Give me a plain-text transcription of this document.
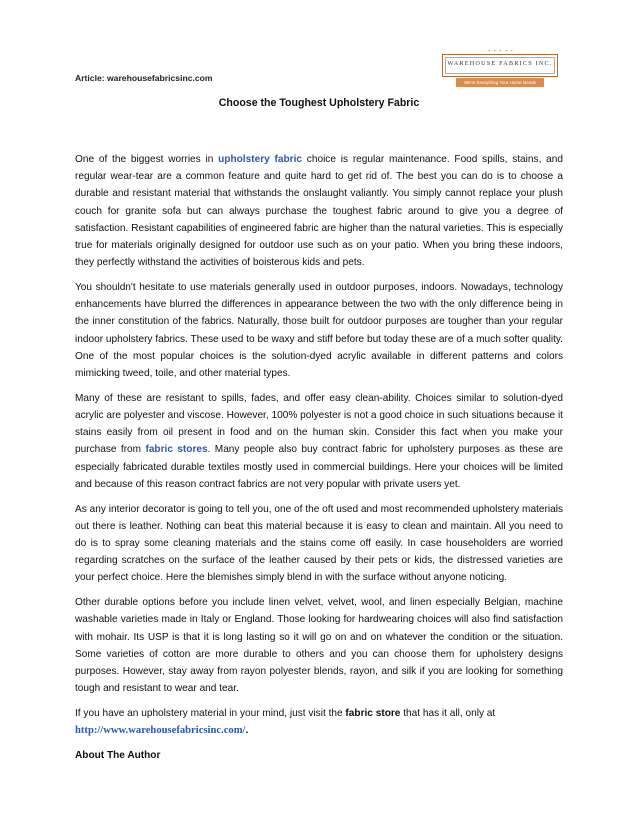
Article: warehousefabricsinc.com
• • • • •
WAREHOUSE FABRICS INC.
We're Everything Your Home Needs
Choose the Toughest Upholstery Fabric

One of the biggest worries in upholstery fabric choice is regular maintenance. Food spills, stains, and regular wear-tear are a common feature and quite hard to get rid of. The best you can do is to choose a durable and resistant material that withstands the onslaught valiantly. You simply cannot replace your plush couch for granite sofa but can always purchase the toughest fabric around to give you a degree of satisfaction. Resistant capabilities of engineered fabric are higher than the natural varieties. This is especially true for materials originally designed for outdoor use such as on your patio. When you bring these indoors, they perfectly withstand the activities of boisterous kids and pets.

You shouldn't hesitate to use materials generally used in outdoor purposes, indoors. Nowadays, technology enhancements have blurred the differences in appearance between the two with the only difference being in the inner constitution of the fabrics. Naturally, those built for outdoor purposes are tougher than your regular indoor upholstery fabrics. These used to be waxy and stiff before but today these are of a much softer quality. One of the most popular choices is the solution-dyed acrylic available in different patterns and colors mimicking tweed, toile, and other material types.

Many of these are resistant to spills, fades, and offer easy clean-ability. Choices similar to solution-dyed acrylic are polyester and viscose. However, 100% polyester is not a good choice in such situations because it stains easily from oil present in food and on the human skin. Consider this fact when you make your purchase from fabric stores. Many people also buy contract fabric for upholstery purposes as these are especially fabricated durable textiles mostly used in commercial buildings. Here your choices will be limited and because of this reason contract fabrics are not very popular with private users yet.

As any interior decorator is going to tell you, one of the oft used and most recommended upholstery materials out there is leather. Nothing can beat this material because it is easy to clean and maintain. All you need to do is to spray some cleaning materials and the stains come off easily. In case householders are worried regarding scratches on the surface of the leather caused by their pets or kids, the distressed varieties are your perfect choice. Here the blemishes simply blend in with the surface without anyone noticing.

Other durable options before you include linen velvet, velvet, wool, and linen especially Belgian, machine washable varieties made in Italy or England. Those looking for hardwearing choices will also find satisfaction with mohair. Its USP is that it is long lasting so it will go on and on whatever the condition or the situation. Some varieties of cotton are more durable to others and you can choose them for upholstery designs purposes. However, stay away from rayon polyester blends, rayon, and silk if you are looking for something tough and resistant to wear and tear.

If you have an upholstery material in your mind, just visit the fabric store that has it all, only at
http://www.warehousefabricsinc.com/.

About The Author
